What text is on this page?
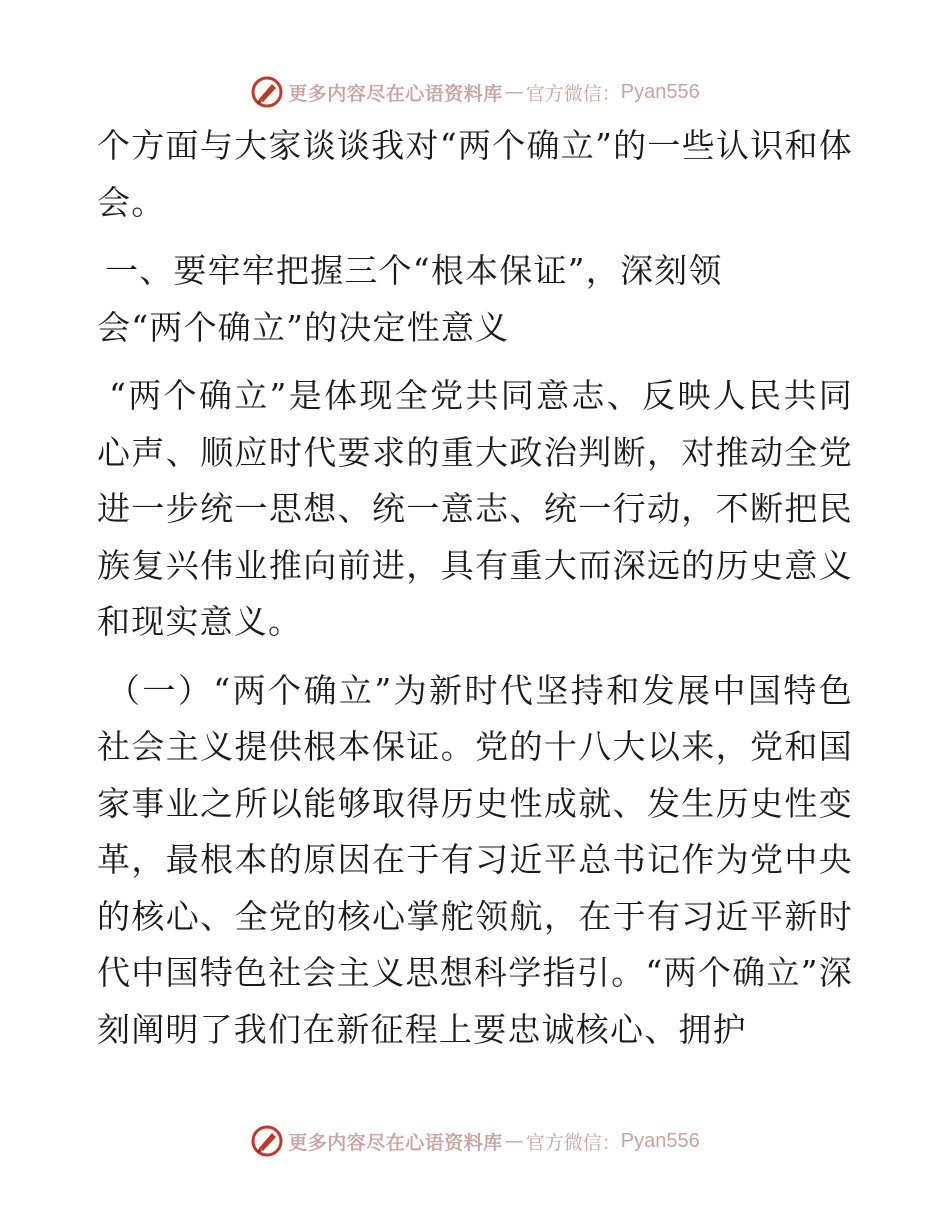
更多内容尽在心语资料库 — 官方微信： Pyan556

个方面与大家谈谈我对“两个确立”的一些认识和体会。

一、要牢牢把握三个“根本保证”，深刻领
会“两个确立”的决定性意义

“两个确立”是体现全党共同意志、反映人民共同心声、顺应时代要求的重大政治判断，对推动全党进一步统一思想、统一意志、统一行动，不断把民族复兴伟业推向前进，具有重大而深远的历史意义和现实意义。

（一）“两个确立”为新时代坚持和发展中国特色社会主义提供根本保证。党的十八大以来，党和国家事业之所以能够取得历史性成就、发生历史性变革，最根本的原因在于有习近平总书记作为党中央的核心、全党的核心掌舵领航，在于有习近平新时代中国特色社会主义思想科学指引。“两个确立”深刻阐明了我们在新征程上要忠诚核心、拥护

更多内容尽在心语资料库 — 官方微信： Pyan556
